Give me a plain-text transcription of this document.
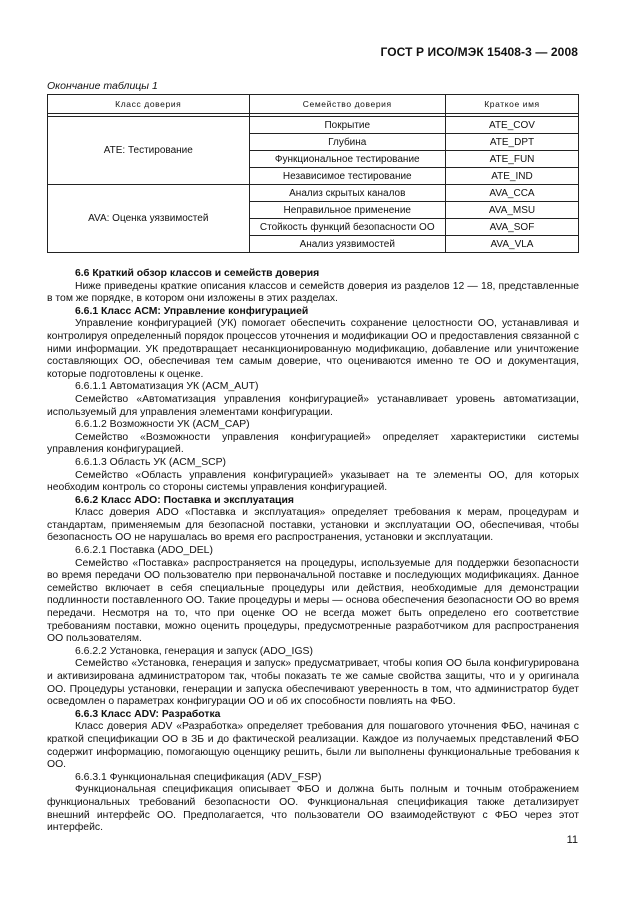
ГОСТ Р ИСО/МЭК 15408-3 — 2008
Окончание таблицы 1
Класс доверия	Семейство доверия	Краткое имя

ATE: Тестирование	Покрытие	ATE_COV
	Глубина	ATE_DPT
	Функциональное тестирование	ATE_FUN
	Независимое тестирование	ATE_IND
AVA: Оценка уязвимостей	Анализ скрытых каналов	AVA_CCA
	Неправильное применение	AVA_MSU
	Стойкость функций безопасности ОО	AVA_SOF
	Анализ уязвимостей	AVA_VLA

6.6 Краткий обзор классов и семейств доверия

Ниже приведены краткие описания классов и семейств доверия из разделов 12 — 18, представленные в том же порядке, в котором они изложены в этих разделах.

6.6.1 Класс АСМ: Управление конфигурацией

Управление конфигурацией (УК) помогает обеспечить сохранение целостности ОО, устанавливая и контролируя определенный порядок процессов уточнения и модификации ОО и предоставления связанной с ними информации. УК предотвращает несанкционированную модификацию, добавление или уничтожение составляющих ОО, обеспечивая тем самым доверие, что оцениваются именно те ОО и документация, которые подготовлены к оценке.

6.6.1.1 Автоматизация УК (ACM_AUT)

Семейство «Автоматизация управления конфигурацией» устанавливает уровень автоматизации, используемый для управления элементами конфигурации.

6.6.1.2 Возможности УК (ACM_CAP)

Семейство «Возможности управления конфигурацией» определяет характеристики системы управления конфигурацией.

6.6.1.3 Область УК (ACM_SCP)

Семейство «Область управления конфигурацией» указывает на те элементы ОО, для которых необходим контроль со стороны системы управления конфигурацией.

6.6.2 Класс ADO: Поставка и эксплуатация

Класс доверия ADO «Поставка и эксплуатация» определяет требования к мерам, процедурам и стандартам, применяемым для безопасной поставки, установки и эксплуатации ОО, обеспечивая, чтобы безопасность ОО не нарушалась во время его распространения, установки и эксплуатации.

6.6.2.1 Поставка (ADO_DEL)

Семейство «Поставка» распространяется на процедуры, используемые для поддержки безопасности во время передачи ОО пользователю при первоначальной поставке и последующих модификациях. Данное семейство включает в себя специальные процедуры или действия, необходимые для демонстрации подлинности поставленного ОО. Такие процедуры и меры — основа обеспечения безопасности ОО во время передачи. Несмотря на то, что при оценке ОО не всегда может быть определено его соответствие требованиям поставки, можно оценить процедуры, предусмотренные разработчиком для распространения ОО пользователям.

6.6.2.2 Установка, генерация и запуск (ADO_IGS)

Семейство «Установка, генерация и запуск» предусматривает, чтобы копия ОО была конфигурирована и активизирована администратором так, чтобы показать те же самые свойства защиты, что и у оригинала ОО. Процедуры установки, генерации и запуска обеспечивают уверенность в том, что администратор будет осведомлен о параметрах конфигурации ОО и об их способности повлиять на ФБО.

6.6.3 Класс ADV: Разработка

Класс доверия ADV «Разработка» определяет требования для пошагового уточнения ФБО, начиная с краткой спецификации ОО в ЗБ и до фактической реализации. Каждое из получаемых представлений ФБО содержит информацию, помогающую оценщику решить, были ли выполнены функциональные требования к ОО.

6.6.3.1 Функциональная спецификация (ADV_FSP)

Функциональная спецификация описывает ФБО и должна быть полным и точным отображением функциональных требований безопасности ОО. Функциональная спецификация также детализирует внешний интерфейс ОО. Предполагается, что пользователи ОО взаимодействуют с ФБО через этот интерфейс.

11
